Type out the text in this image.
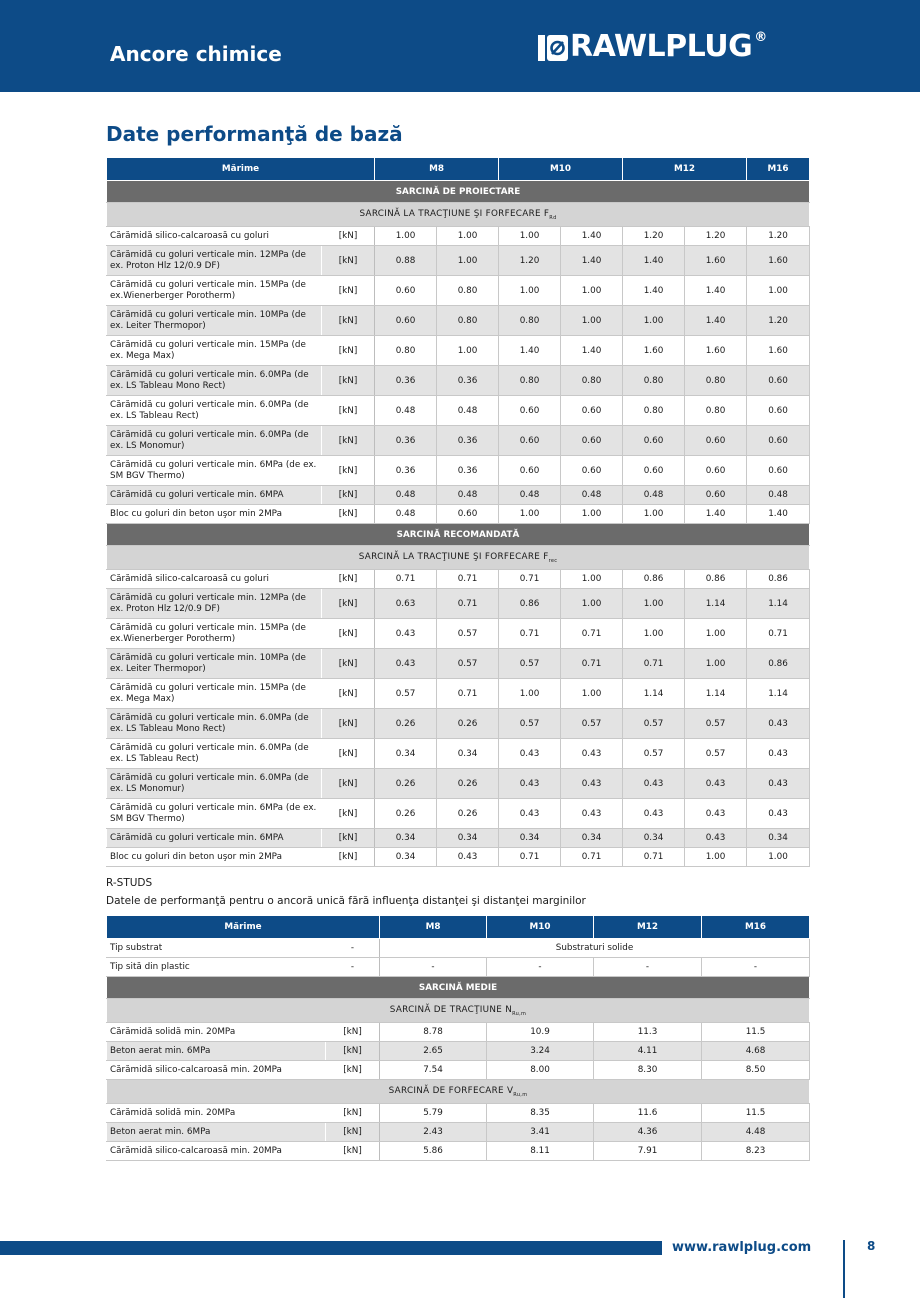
Ancore chimice	RAWLPLUG ®
Date performanţă de bază
Mărime		M8		M10		M12		M16
SARCINĂ DE PROIECTARE								
SARCINĂ LA TRACŢIUNE ŞI FORFECARE $F_{Rd}$
Cărămidă silico-calcaroasă cu goluri	[kN]	1.00	1.00	1.00	1.40	1.20	1.20	1.20
Cărămidă cu goluri verticale min. 12MPa (de ex. Proton Hlz 12/0.9 DF)	[kN]	0.88	1.00	1.20	1.40	1.40	1.60	1.60
Cărămidă cu goluri verticale min. 15MPa (de ex.Wienerberger Porotherm)	[kN]	0.60	0.80	1.00	1.00	1.40	1.40	1.00
Cărămidă cu goluri verticale min. 10MPa (de ex. Leiter Thermopor)	[kN]	0.60	0.80	0.80	1.00	1.00	1.40	1.20
Cărămidă cu goluri verticale min. 15MPa (de ex. Mega Max)	[kN]	0.80	1.00	1.40	1.40	1.60	1.60	1.60
Cărămidă cu goluri verticale min. 6.0MPa (de ex. LS Tableau Mono Rect)	[kN]	0.36	0.36	0.80	0.80	0.80	0.80	0.60
Cărămidă cu goluri verticale min. 6.0MPa (de ex. LS Tableau Rect)	[kN]	0.48	0.48	0.60	0.60	0.80	0.80	0.60
Cărămidă cu goluri verticale min. 6.0MPa (de ex. LS Monomur)	[kN]	0.36	0.36	0.60	0.60	0.60	0.60	0.60
Cărămidă cu goluri verticale min. 6MPa (de ex. SM BGV Thermo)	[kN]	0.36	0.36	0.60	0.60	0.60	0.60	0.60
Cărămidă cu goluri verticale min. 6MPA	[kN]	0.48	0.48	0.48	0.48	0.48	0.60	0.48
Bloc cu goluri din beton uşor min 2MPa	[kN]	0.48	0.60	1.00	1.00	1.00	1.40	1.40
SARCINĂ RECOMANDATĂ								
SARCINĂ LA TRACŢIUNE ŞI FORFECARE $F_{rec}$
Cărămidă silico-calcaroasă cu goluri	[kN]	0.71	0.71	0.71	1.00	0.86	0.86	0.86
Cărămidă cu goluri verticale min. 12MPa (de ex. Proton Hlz 12/0.9 DF)	[kN]	0.63	0.71	0.86	1.00	1.00	1.14	1.14
Cărămidă cu goluri verticale min. 15MPa (de ex.Wienerberger Porotherm)	[kN]	0.43	0.57	0.71	0.71	1.00	1.00	0.71
Cărămidă cu goluri verticale min. 10MPa (de ex. Leiter Thermopor)	[kN]	0.43	0.57	0.57	0.71	0.71	1.00	0.86
Cărămidă cu goluri verticale min. 15MPa (de ex. Mega Max)	[kN]	0.57	0.71	1.00	1.00	1.14	1.14	1.14
Cărămidă cu goluri verticale min. 6.0MPa (de ex. LS Tableau Mono Rect)	[kN]	0.26	0.26	0.57	0.57	0.57	0.57	0.43
Cărămidă cu goluri verticale min. 6.0MPa (de ex. LS Tableau Rect)	[kN]	0.34	0.34	0.43	0.43	0.57	0.57	0.43
Cărămidă cu goluri verticale min. 6.0MPa (de ex. LS Monomur)	[kN]	0.26	0.26	0.43	0.43	0.43	0.43	0.43
Cărămidă cu goluri verticale min. 6MPa (de ex. SM BGV Thermo)	[kN]	0.26	0.26	0.43	0.43	0.43	0.43	0.43
Cărămidă cu goluri verticale min. 6MPA	[kN]	0.34	0.34	0.34	0.34	0.34	0.43	0.34
Bloc cu goluri din beton uşor min 2MPa	[kN]	0.34	0.43	0.71	0.71	0.71	1.00	1.00
R-STUDS
Datele de performanţă pentru o ancoră unică fără influenţa distanţei şi distanţei marginilor
Mărime		M8	M10	M12	M16
Tip substrat	-	Substraturi solide			
Tip sită din plastic	-	-	-	-	-
SARCINĂ MEDIE					
SARCINĂ DE TRACŢIUNE $N_{Ru,m}$
Cărămidă solidă min. 20MPa	[kN]	8.78	10.9	11.3	11.5
Beton aerat min. 6MPa	[kN]	2.65	3.24	4.11	4.68
Cărămidă silico-calcaroasă min. 20MPa	[kN]	7.54	8.00	8.30	8.50
SARCINĂ DE FORFECARE $V_{Ru,m}$
Cărămidă solidă min. 20MPa	[kN]	5.79	8.35	11.6	11.5
Beton aerat min. 6MPa	[kN]	2.43	3.41	4.36	4.48
Cărămidă silico-calcaroasă min. 20MPa	[kN]	5.86	8.11	7.91	8.23
www.rawlplug.com	8
